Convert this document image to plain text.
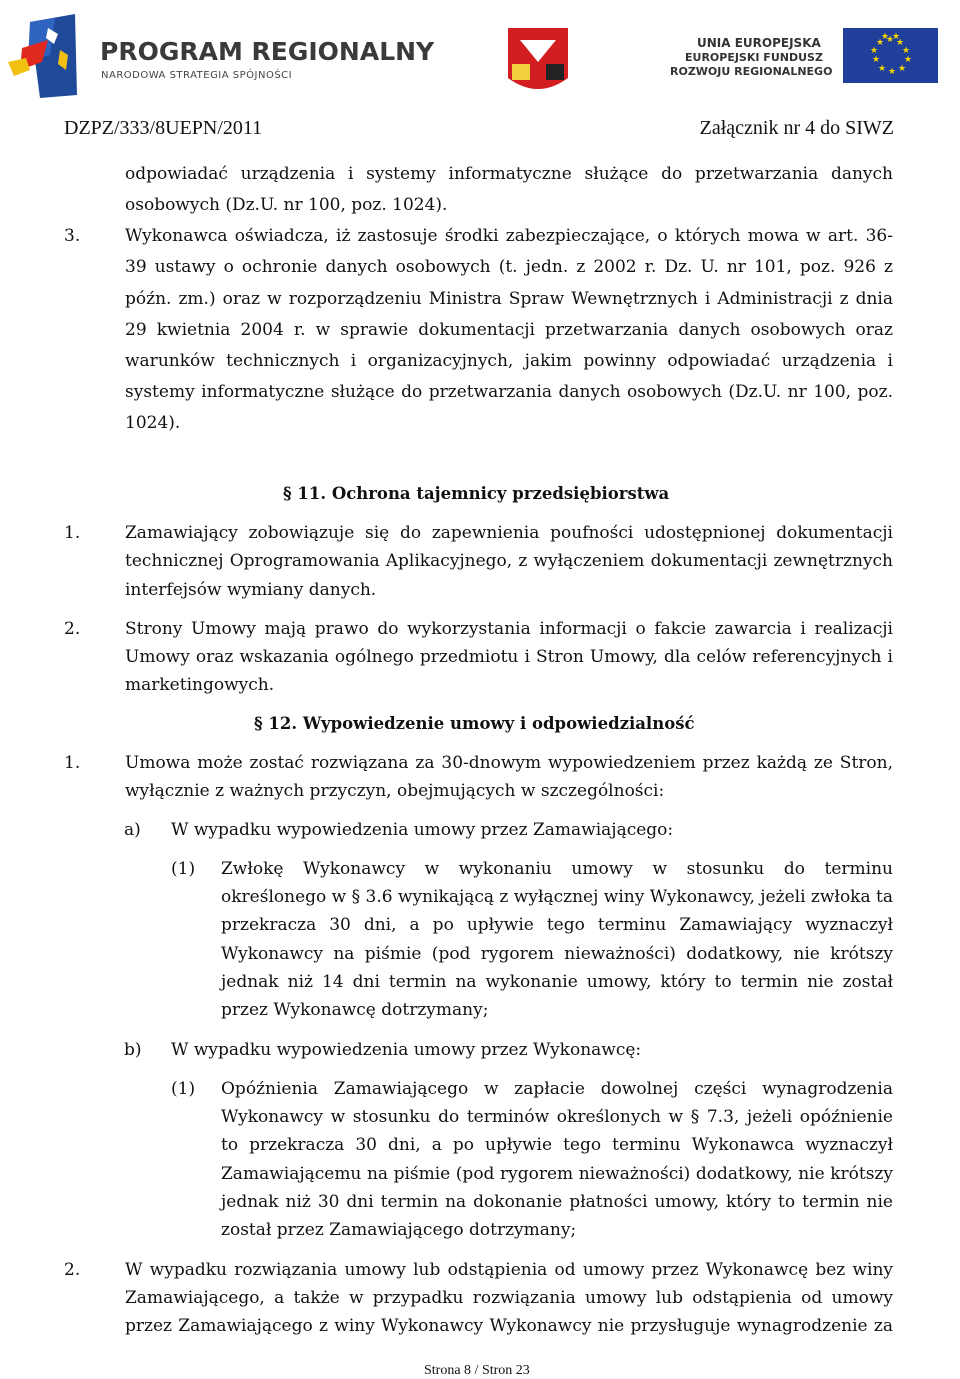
PROGRAM REGIONALNY
NARODOWA STRATEGIA SPÓJNOŚCI
UNIA EUROPEJSKA
EUROPEJSKI FUNDUSZ
ROZWOJU REGIONALNEGO
★ ★
★
★
★
★
★
★
★
★
★ ★
DZPZ/333/8UEPN/2011	Załącznik nr 4 do SIWZ
odpowiadać urządzenia i systemy informatyczne służące do przetwarzania danych
osobowych (Dz.U. nr 100, poz. 1024).
3.	Wykonawca oświadcza, iż zastosuje środki zabezpieczające, o których mowa w art. 36-
39 ustawy o ochronie danych osobowych (t. jedn. z 2002 r. Dz. U. nr 101, poz. 926 z
późn. zm.) oraz w rozporządzeniu Ministra Spraw Wewnętrznych i Administracji z dnia
29 kwietnia 2004 r. w sprawie dokumentacji przetwarzania danych osobowych oraz
warunków technicznych i organizacyjnych, jakim powinny odpowiadać urządzenia i
systemy informatyczne służące do przetwarzania danych osobowych (Dz.U. nr 100, poz.
1024).
§ 11. Ochrona tajemnicy przedsiębiorstwa
1.	Zamawiający zobowiązuje się do zapewnienia poufności udostępnionej dokumentacji
technicznej Oprogramowania Aplikacyjnego, z wyłączeniem dokumentacji zewnętrznych
interfejsów wymiany danych.
2.	Strony Umowy mają prawo do wykorzystania informacji o fakcie zawarcia i realizacji
Umowy oraz wskazania ogólnego przedmiotu i Stron Umowy, dla celów referencyjnych i
marketingowych.
§ 12. Wypowiedzenie umowy i odpowiedzialność
1.	Umowa może zostać rozwiązana za 30-dnowym wypowiedzeniem przez każdą ze Stron,
wyłącznie z ważnych przyczyn, obejmujących w szczególności:
a) W wypadku wypowiedzenia umowy przez Zamawiającego:
(1) Zwłokę Wykonawcy w wykonaniu umowy w stosunku do terminu
określonego w § 3.6 wynikającą z wyłącznej winy Wykonawcy, jeżeli zwłoka ta
przekracza 30 dni, a po upływie tego terminu Zamawiający wyznaczył
Wykonawcy na piśmie (pod rygorem nieważności) dodatkowy, nie krótszy
jednak niż 14 dni termin na wykonanie umowy, który to termin nie został
przez Wykonawcę dotrzymany;
b) W wypadku wypowiedzenia umowy przez Wykonawcę:
(1) Opóźnienia Zamawiającego w zapłacie dowolnej części wynagrodzenia
Wykonawcy w stosunku do terminów określonych w § 7.3, jeżeli opóźnienie
to przekracza 30 dni, a po upływie tego terminu Wykonawca wyznaczył
Zamawiającemu na piśmie (pod rygorem nieważności) dodatkowy, nie krótszy
jednak niż 30 dni termin na dokonanie płatności umowy, który to termin nie
został przez Zamawiającego dotrzymany;
2.	W wypadku rozwiązania umowy lub odstąpienia od umowy przez Wykonawcę bez winy
Zamawiającego, a także w przypadku rozwiązania umowy lub odstąpienia od umowy
przez Zamawiającego z winy Wykonawcy Wykonawcy nie przysługuje wynagrodzenie za
Strona 8 / Stron 23
